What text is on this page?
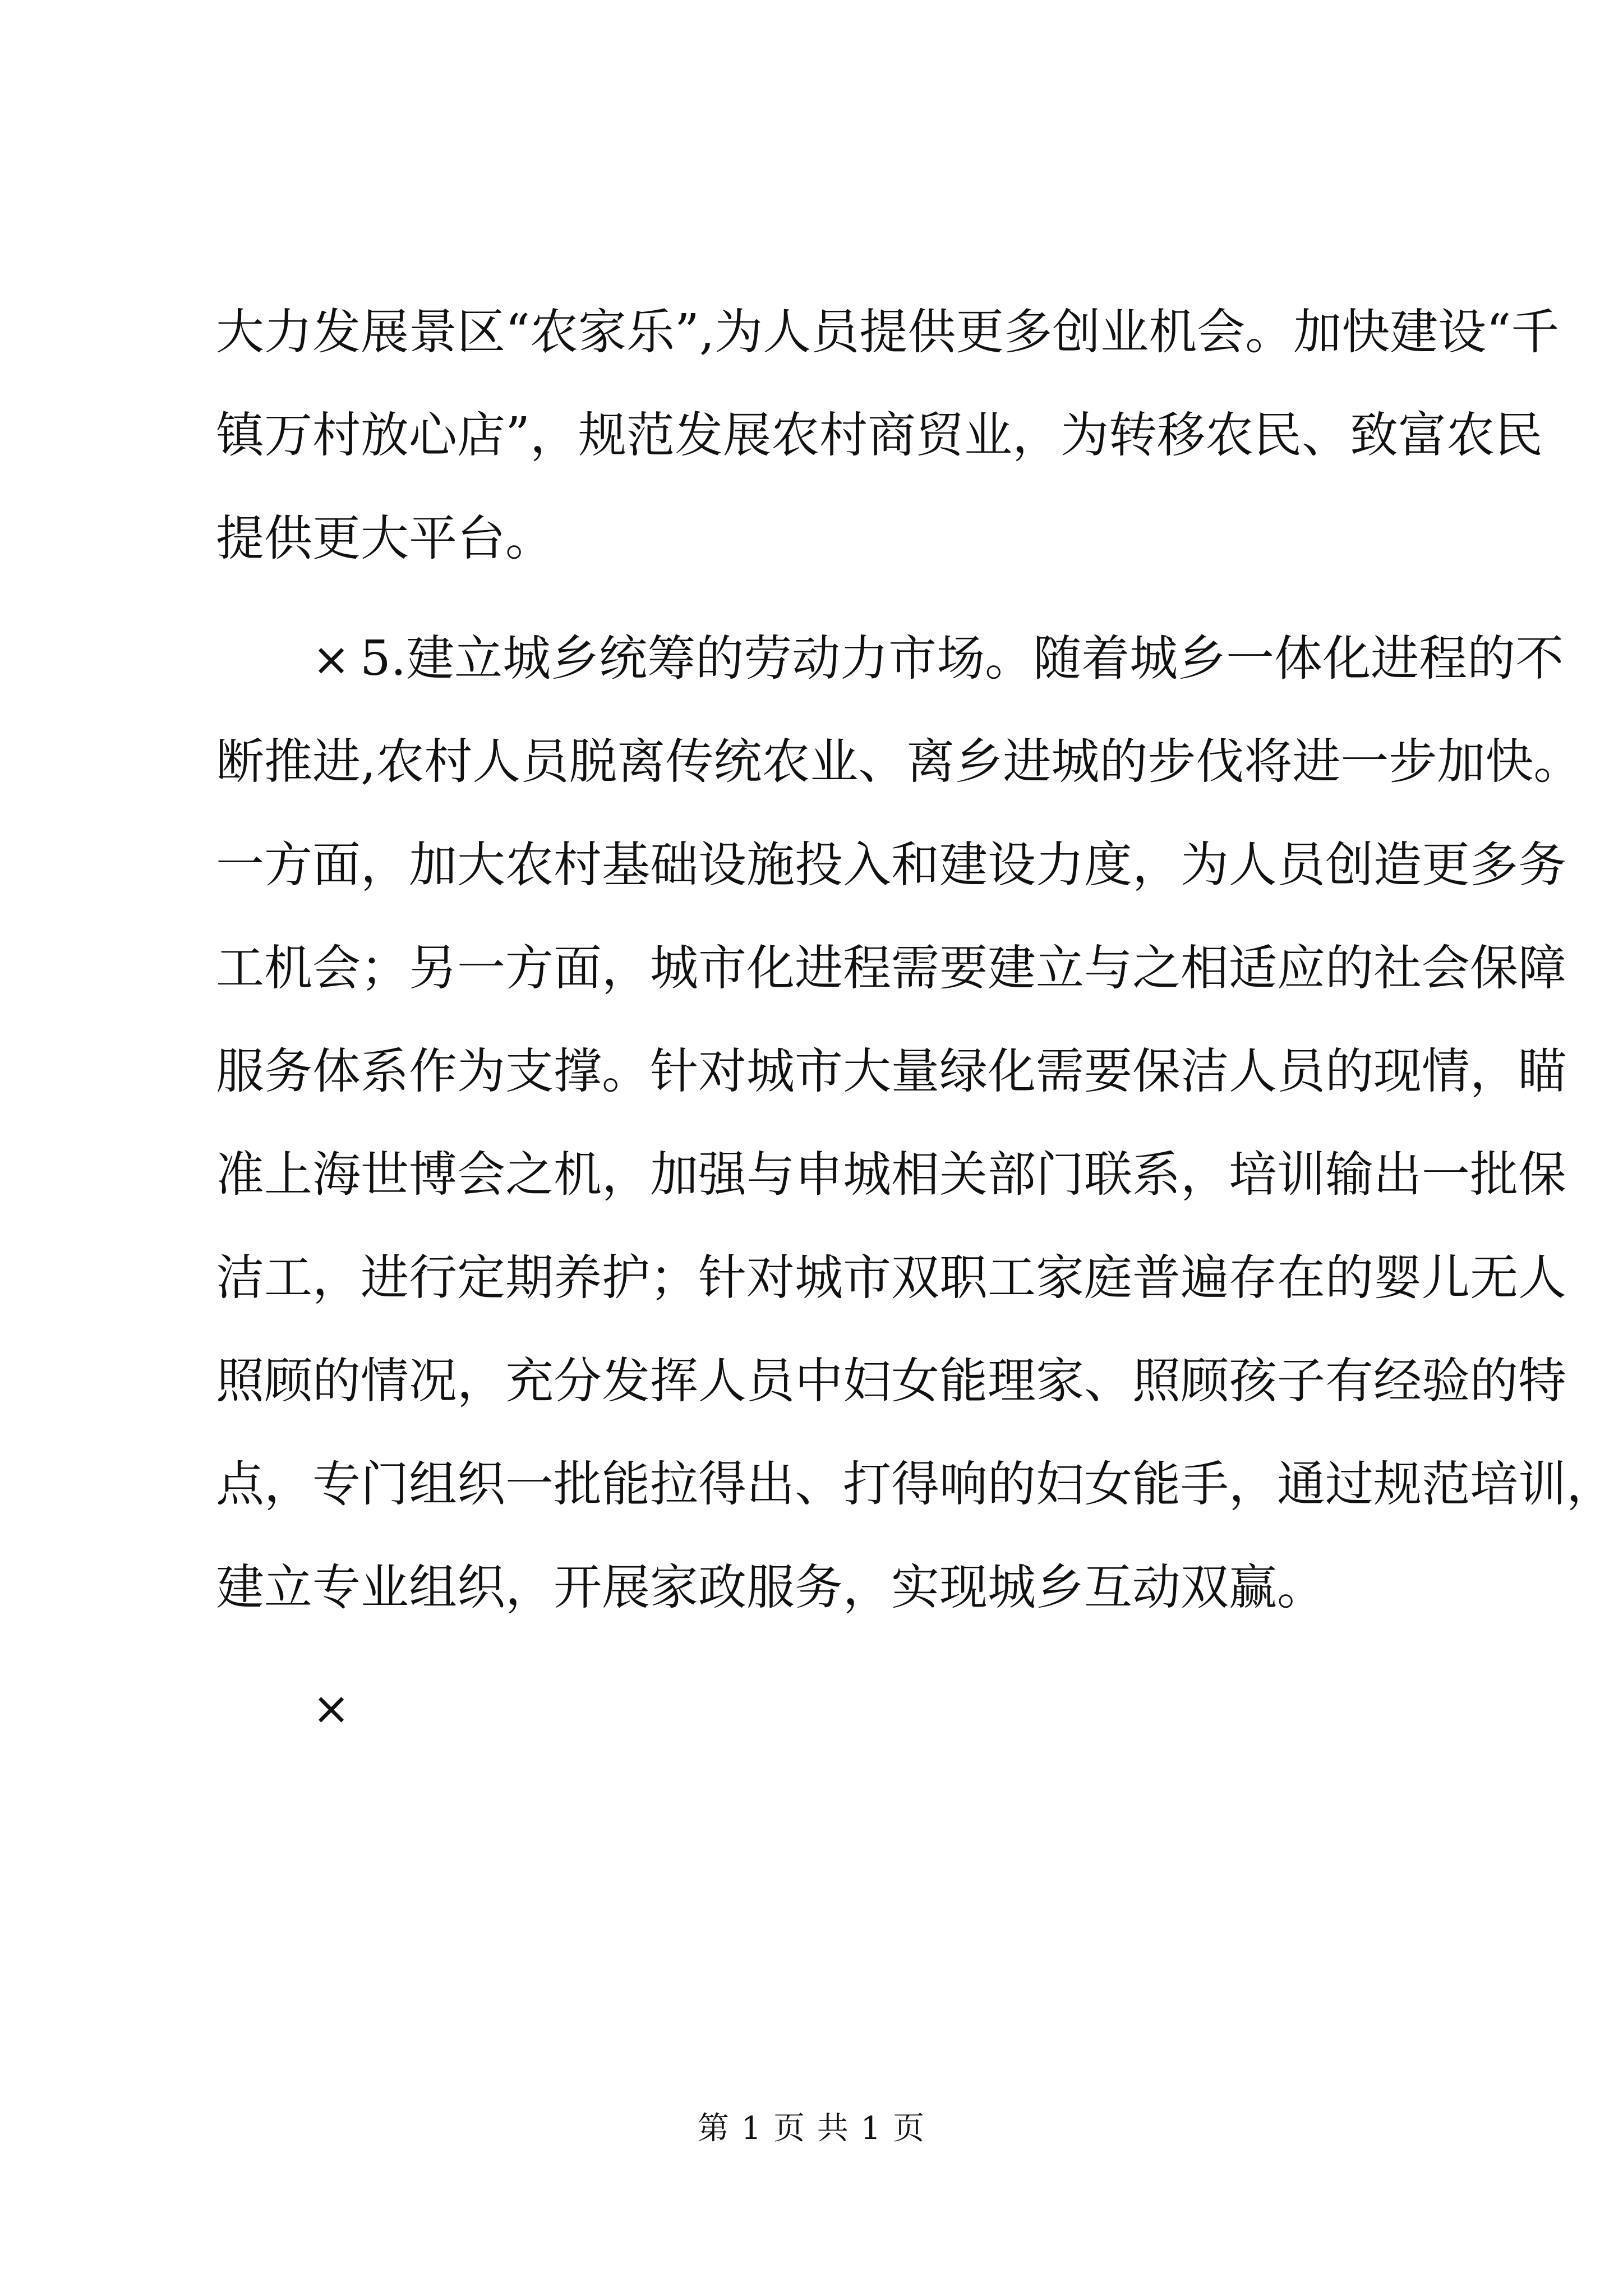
大力发展景区“农家乐”,为人员提供更多创业机会。加快建设“千
镇万村放心店”，规范发展农村商贸业，为转移农民、致富农民
提供更大平台。
× 5.建立城乡统筹的劳动力市场。随着城乡一体化进程的不
断推进,农村人员脱离传统农业、离乡进城的步伐将进一步加快。
一方面，加大农村基础设施投入和建设力度，为人员创造更多务
工机会；另一方面，城市化进程需要建立与之相适应的社会保障
服务体系作为支撑。针对城市大量绿化需要保洁人员的现情，瞄
准上海世博会之机，加强与申城相关部门联系，培训输出一批保
洁工，进行定期养护；针对城市双职工家庭普遍存在的婴儿无人
照顾的情况，充分发挥人员中妇女能理家、照顾孩子有经验的特
点，专门组织一批能拉得出、打得响的妇女能手，通过规范培训，
建立专业组织，开展家政服务，实现城乡互动双赢。
×
第 1 页 共 1 页
